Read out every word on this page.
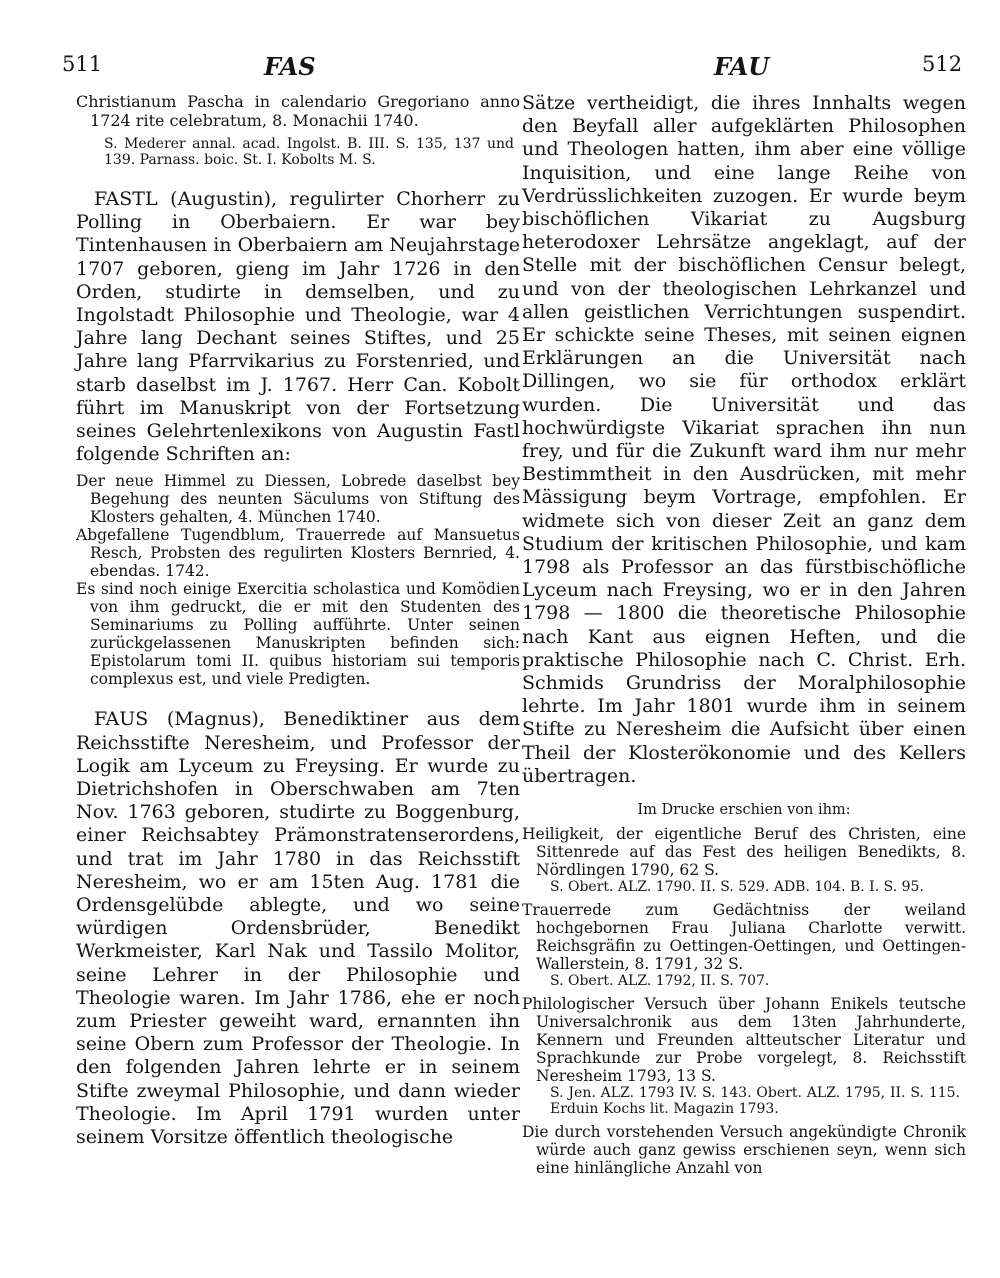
511	FAS	FAU	512

Christianum Pascha in calendario Gregoriano anno 1724 rite celebratum, 8. Monachii 1740.

S. Mederer annal. acad. Ingolst. B. III. S. 135, 137 und 139. Parnass. boic. St. I. Kobolts M. S.

FASTL (Augustin), regulirter Chorherr zu Polling in Oberbaiern. Er war bey Tintenhausen in Oberbaiern am Neujahrstage 1707 geboren, gieng im Jahr 1726 in den Orden, studirte in demselben, und zu Ingolstadt Philosophie und Theologie, war 4 Jahre lang Dechant seines Stiftes, und 25 Jahre lang Pfarrvikarius zu Forstenried, und starb daselbst im J. 1767. Herr Can. Kobolt führt im Manuskript von der Fortsetzung seines Gelehrtenlexikons von Augustin Fastl folgende Schriften an:

Der neue Himmel zu Diessen, Lobrede daselbst bey Begehung des neunten Säculums von Stiftung des Klosters gehalten, 4. München 1740.

Abgefallene Tugendblum, Trauerrede auf Mansuetus Resch, Probsten des regulirten Klosters Bernried, 4. ebendas. 1742.

Es sind noch einige Exercitia scholastica und Komödien von ihm gedruckt, die er mit den Studenten des Seminariums zu Polling aufführte. Unter seinen zurückgelassenen Manuskripten befinden sich: Epistolarum tomi II. quibus historiam sui temporis complexus est, und viele Predigten.

FAUS (Magnus), Benediktiner aus dem Reichsstifte Neresheim, und Professor der Logik am Lyceum zu Freysing. Er wurde zu Dietrichshofen in Oberschwaben am 7ten Nov. 1763 geboren, studirte zu Boggenburg, einer Reichsabtey Prämonstratenserordens, und trat im Jahr 1780 in das Reichsstift Neresheim, wo er am 15ten Aug. 1781 die Ordensgelübde ablegte, und wo seine würdigen Ordensbrüder, Benedikt Werkmeister, Karl Nak und Tassilo Molitor, seine Lehrer in der Philosophie und Theologie waren. Im Jahr 1786, ehe er noch zum Priester geweiht ward, ernannten ihn seine Obern zum Professor der Theologie. In den folgenden Jahren lehrte er in seinem Stifte zweymal Philosophie, und dann wieder Theologie. Im April 1791 wurden unter seinem Vorsitze öffentlich theologische

Sätze vertheidigt, die ihres Innhalts wegen den Beyfall aller aufgeklärten Philosophen und Theologen hatten, ihm aber eine völlige Inquisition, und eine lange Reihe von Verdrüsslichkeiten zuzogen. Er wurde beym bischöflichen Vikariat zu Augsburg heterodoxer Lehrsätze angeklagt, auf der Stelle mit der bischöflichen Censur belegt, und von der theologischen Lehrkanzel und allen geistlichen Verrichtungen suspendirt. Er schickte seine Theses, mit seinen eignen Erklärungen an die Universität nach Dillingen, wo sie für orthodox erklärt wurden. Die Universität und das hochwürdigste Vikariat sprachen ihn nun frey, und für die Zukunft ward ihm nur mehr Bestimmtheit in den Ausdrücken, mit mehr Mässigung beym Vortrage, empfohlen. Er widmete sich von dieser Zeit an ganz dem Studium der kritischen Philosophie, und kam 1798 als Professor an das fürstbischöfliche Lyceum nach Freysing, wo er in den Jahren 1798 — 1800 die theoretische Philosophie nach Kant aus eignen Heften, und die praktische Philosophie nach C. Christ. Erh. Schmids Grundriss der Moralphilosophie lehrte. Im Jahr 1801 wurde ihm in seinem Stifte zu Neresheim die Aufsicht über einen Theil der Klosterökonomie und des Kellers übertragen.

Im Drucke erschien von ihm:

Heiligkeit, der eigentliche Beruf des Christen, eine Sittenrede auf das Fest des heiligen Benedikts, 8. Nördlingen 1790, 62 S.

S. Obert. ALZ. 1790. II. S. 529. ADB. 104. B. I. S. 95.

Trauerrede zum Gedächtniss der weiland hochgebornen Frau Juliana Charlotte verwitt. Reichsgräfin zu Oettingen-Oettingen, und Oettingen-Wallerstein, 8. 1791, 32 S.

S. Obert. ALZ. 1792, II. S. 707.

Philologischer Versuch über Johann Enikels teutsche Universalchronik aus dem 13ten Jahrhunderte, Kennern und Freunden altteutscher Literatur und Sprachkunde zur Probe vorgelegt, 8. Reichsstift Neresheim 1793, 13 S.

S. Jen. ALZ. 1793 IV. S. 143. Obert. ALZ. 1795, II. S. 115. Erduin Kochs lit. Magazin 1793.

Die durch vorstehenden Versuch angekündigte Chronik würde auch ganz gewiss erschienen seyn, wenn sich eine hinlängliche Anzahl von
